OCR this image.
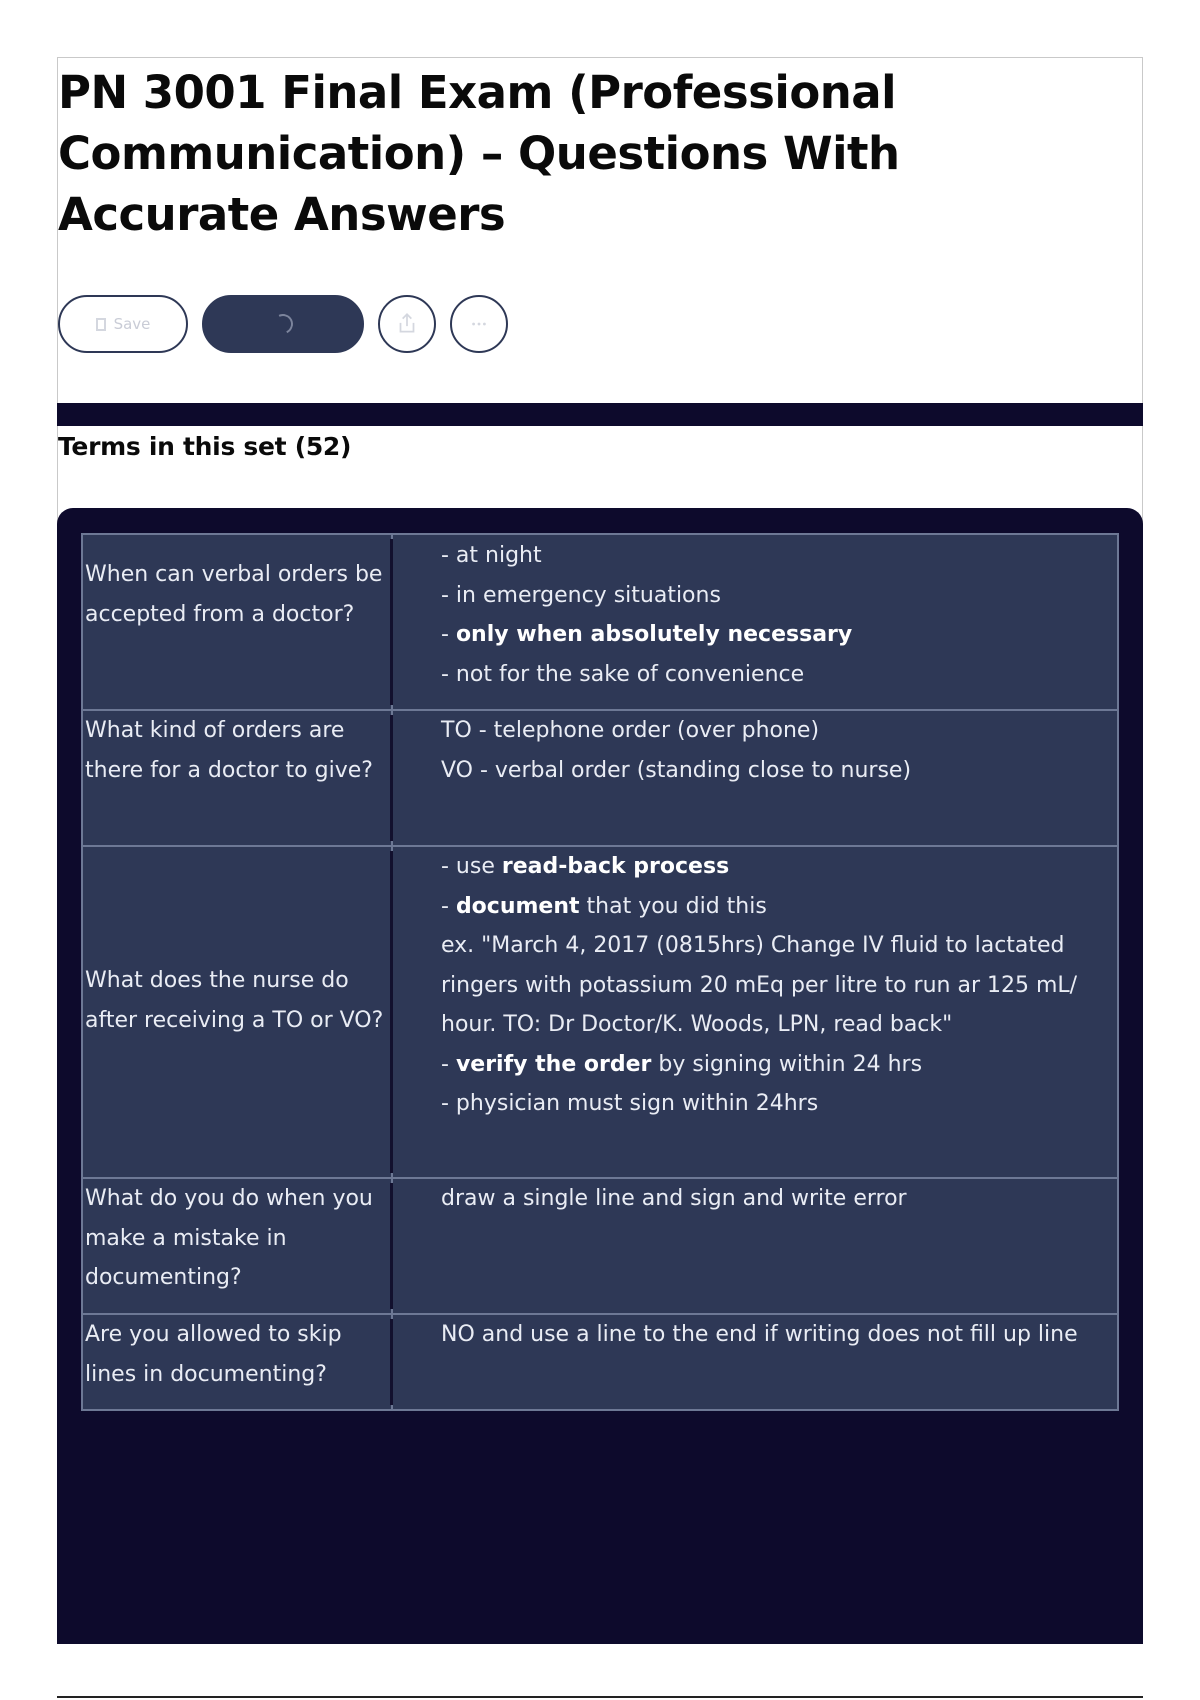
PN 3001 Final Exam (Professional Communication) – Questions With Accurate Answers
Save
Terms in this set (52)
When can verbal orders be accepted from a doctor?	- at night
- in emergency situations
- only when absolutely necessary
- not for the sake of convenience

What kind of orders are there for a doctor to give?	TO - telephone order (over phone)
VO - verbal order (standing close to nurse)

What does the nurse do after receiving a TO or VO?	- use read-back process
- document that you did this
ex. "March 4, 2017 (0815hrs) Change IV fluid to lactated ringers with potassium 20 mEq per litre to run ar 125 mL/ hour. TO: Dr Doctor/K. Woods, LPN, read back"
- verify the order by signing within 24 hrs
- physician must sign within 24hrs

What do you do when you make a mistake in documenting?	draw a single line and sign and write error

Are you allowed to skip lines in documenting?	NO and use a line to the end if writing does not fill up line
